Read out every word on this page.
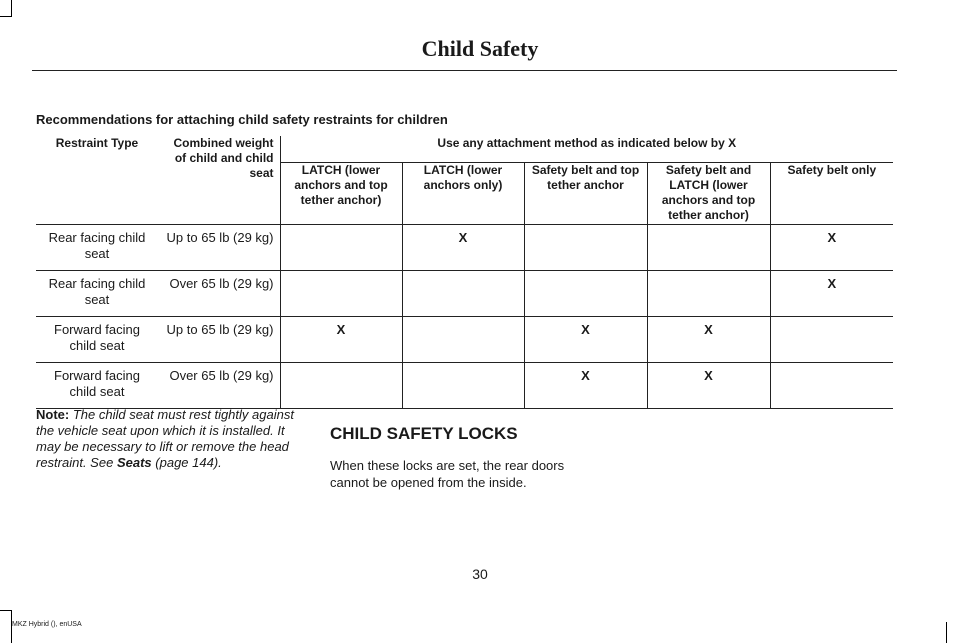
Child Safety
Recommendations for attaching child safety restraints for children
Restraint Type	Combined weight of child and child seat	Use any attachment method as indicated below by X				
		LATCH (lower anchors and top tether anchor)	LATCH (lower anchors only)	Safety belt and top tether anchor	Safety belt and LATCH (lower anchors and top tether anchor)	Safety belt only
Rear facing child seat	Up to 65 lb (29 kg)		X			X
Rear facing child seat	Over 65 lb (29 kg)					X
Forward facing child seat	Up to 65 lb (29 kg)	X		X	X	
Forward facing child seat	Over 65 lb (29 kg)			X	X	
Note: The child seat must rest tightly against the vehicle seat upon which it is installed. It may be necessary to lift or remove the head restraint. See Seats (page 144).
CHILD SAFETY LOCKS
When these locks are set, the rear doors cannot be opened from the inside.
30
MKZ Hybrid (), enUSA
